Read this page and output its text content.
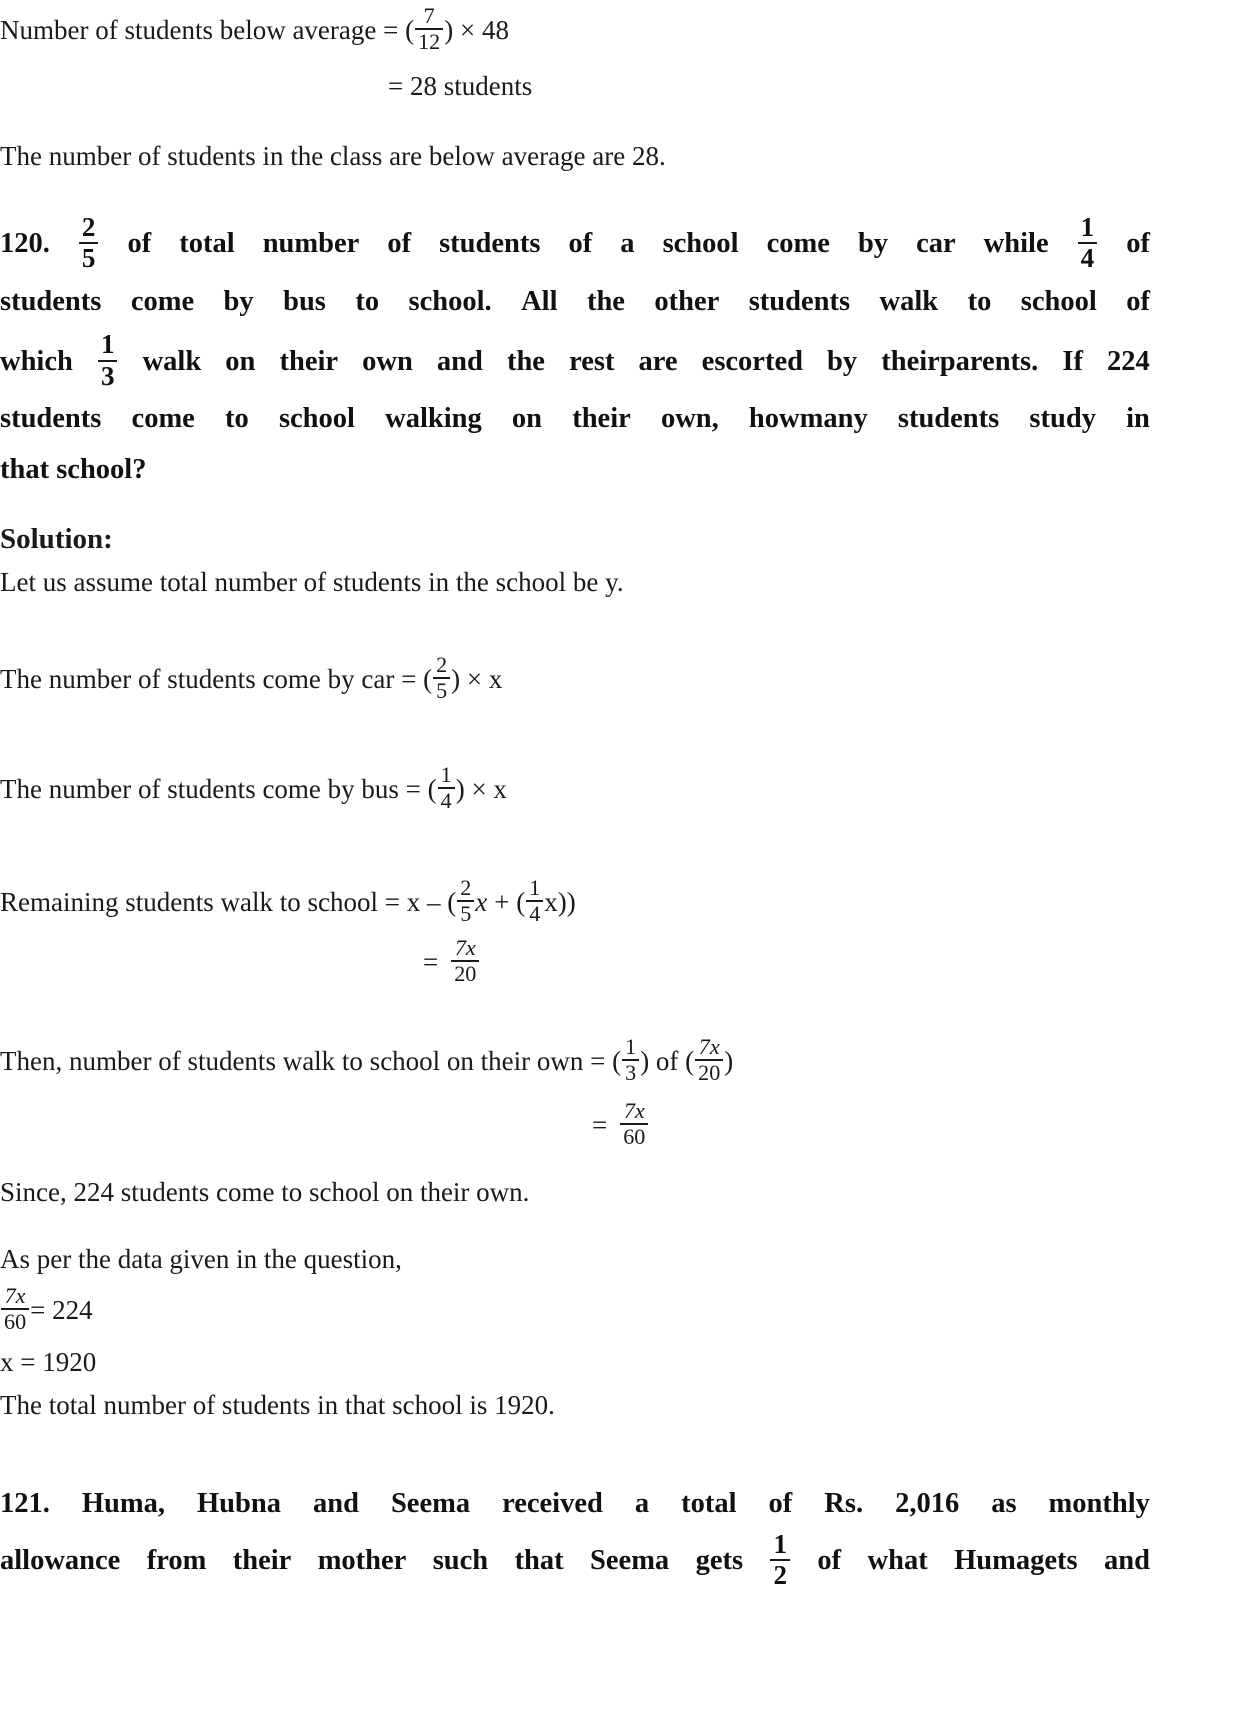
Number of students below average = ( $\frac{7}{12}$ ) × 48
= 28 students
The number of students in the class are below average are 28.
120. $\frac{2}{5}$ of total number of students of a school come by car while $\frac{1}{4}$ of
students come by bus to school. All the other students walk to school of
which $\frac{1}{3}$ walk on their own and the rest are escorted by theirparents. If 224
students come to school walking on their own, howmany students study in
that school?
Solution:
Let us assume total number of students in the school be y.
The number of students come by car = ( $\frac{2}{5}$ ) × x
The number of students come by bus = ( $\frac{1}{4}$ ) × x
Remaining students walk to school = x – ( $\frac{2}{5}$ x + ( $\frac{1}{4} x$))
= $\frac{7x}{20}$
Then, number of students walk to school on their own = ( $\frac{1}{3}$ ) of ( $\frac{7x}{20}$ )
= $\frac{7x}{60}$
Since, 224 students come to school on their own.
As per the data given in the question,
$\frac{7x}{60} = 224$
x = 1920
The total number of students in that school is 1920.
121. Huma, Hubna and Seema received a total of Rs. 2,016 as monthly
allowance from their mother such that Seema gets $\frac{1}{2}$ of what Humagets and
